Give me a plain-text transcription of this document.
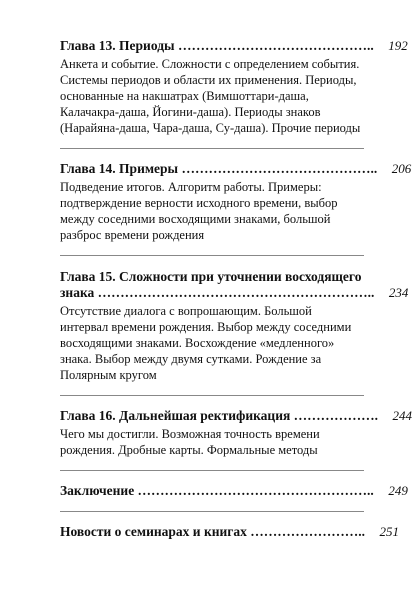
Глава 13. Периоды ……………………………………..	192
Анкета и событие. Сложности с определением события.
Системы периодов и области их применения. Периоды,
основанные на накшатрах (Вимшоттари-даша,
Калачакра-даша, Йогини-даша). Периоды знаков
(Нарайяна-даша, Чара-даша, Су-даша). Прочие периоды
Глава 14. Примеры ……………………………………..	206
Подведение итогов. Алгоритм работы. Примеры:
подтверждение верности исходного времени, выбор
между соседними восходящими знаками, большой
разброс времени рождения
Глава 15. Сложности при уточнении восходящего
знака ……………………………………………………..	234
Отсутствие диалога с вопрошающим. Большой
интервал времени рождения. Выбор между соседними
восходящими знаками. Восхождение «медленного»
знака. Выбор между двумя сутками. Рождение за
Полярным кругом
Глава 16. Дальнейшая ректификация ……………….	244
Чего мы достигли. Возможная точность времени
рождения. Дробные карты. Формальные методы
Заключение ……………………………………………..	249
Новости о семинарах и книгах ……………………..	251
